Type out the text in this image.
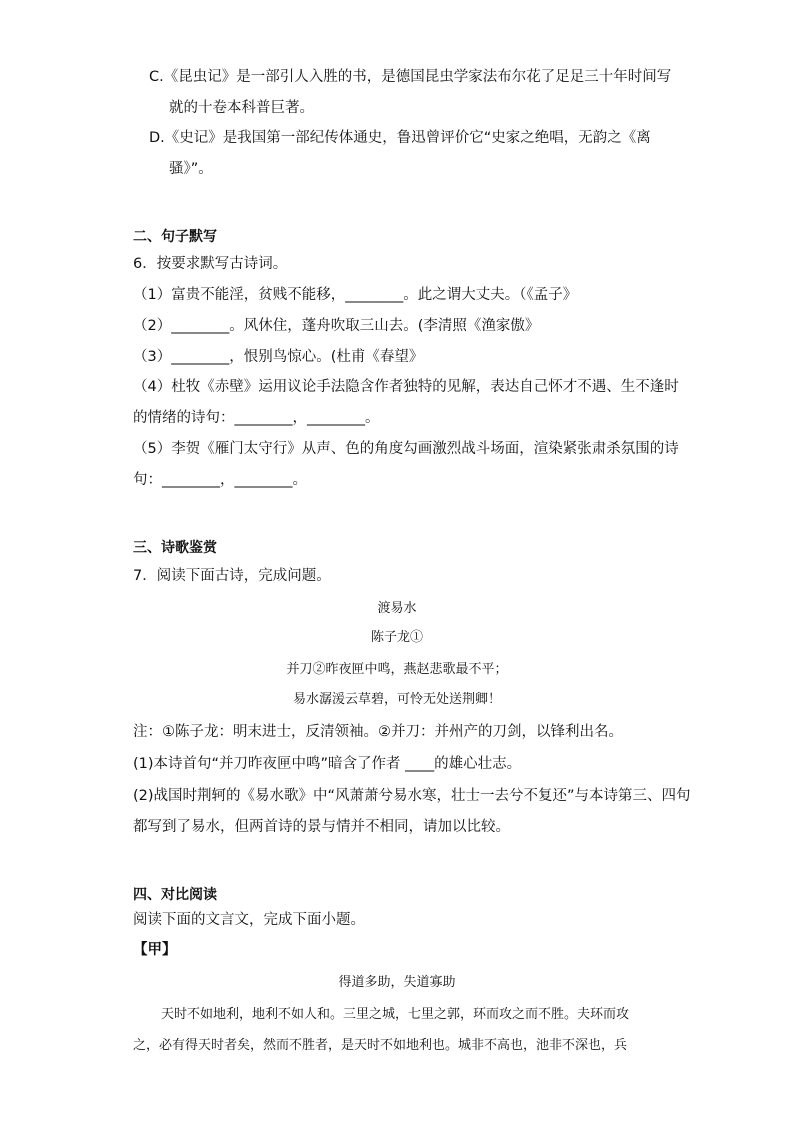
C.《昆虫记》是一部引人入胜的书，是德国昆虫学家法布尔花了足足三十年时间写
就的十卷本科普巨著。
D.《史记》是我国第一部纪传体通史，鲁迅曾评价它“史家之绝唱，无韵之《离
骚》”。
二、句子默写
6．按要求默写古诗词。
（1）富贵不能淫，贫贱不能移，________。此之谓大丈夫。（《孟子》
（2）________。风休住，蓬舟吹取三山去。(李清照《渔家傲》
（3）________，恨别鸟惊心。(杜甫《春望》
（4）杜牧《赤壁》运用议论手法隐含作者独特的见解，表达自己怀才不遇、生不逢时
的情绪的诗句：________，________。
（5）李贺《雁门太守行》从声、色的角度勾画激烈战斗场面，渲染紧张肃杀氛围的诗
句：________，________。
三、诗歌鉴赏
7．阅读下面古诗，完成问题。
渡易水
陈子龙①
并刀②昨夜匣中鸣，燕赵悲歌最不平；
易水潺湲云草碧，可怜无处送荆卿！
注：①陈子龙：明末进士，反清领袖。②并刀：并州产的刀剑，以锋利出名。
(1)本诗首句“并刀昨夜匣中鸣”暗含了作者 ____的雄心壮志。
(2)战国时荆轲的《易水歌》中“风萧萧兮易水寒，壮士一去兮不复还”与本诗第三、四句
都写到了易水，但两首诗的景与情并不相同，请加以比较。
四、对比阅读
阅读下面的文言文，完成下面小题。
【甲】
得道多助，失道寡助
天时不如地利，地利不如人和。三里之城，七里之郭，环而攻之而不胜。夫环而攻
之，必有得天时者矣，然而不胜者，是天时不如地利也。城非不高也，池非不深也，兵
